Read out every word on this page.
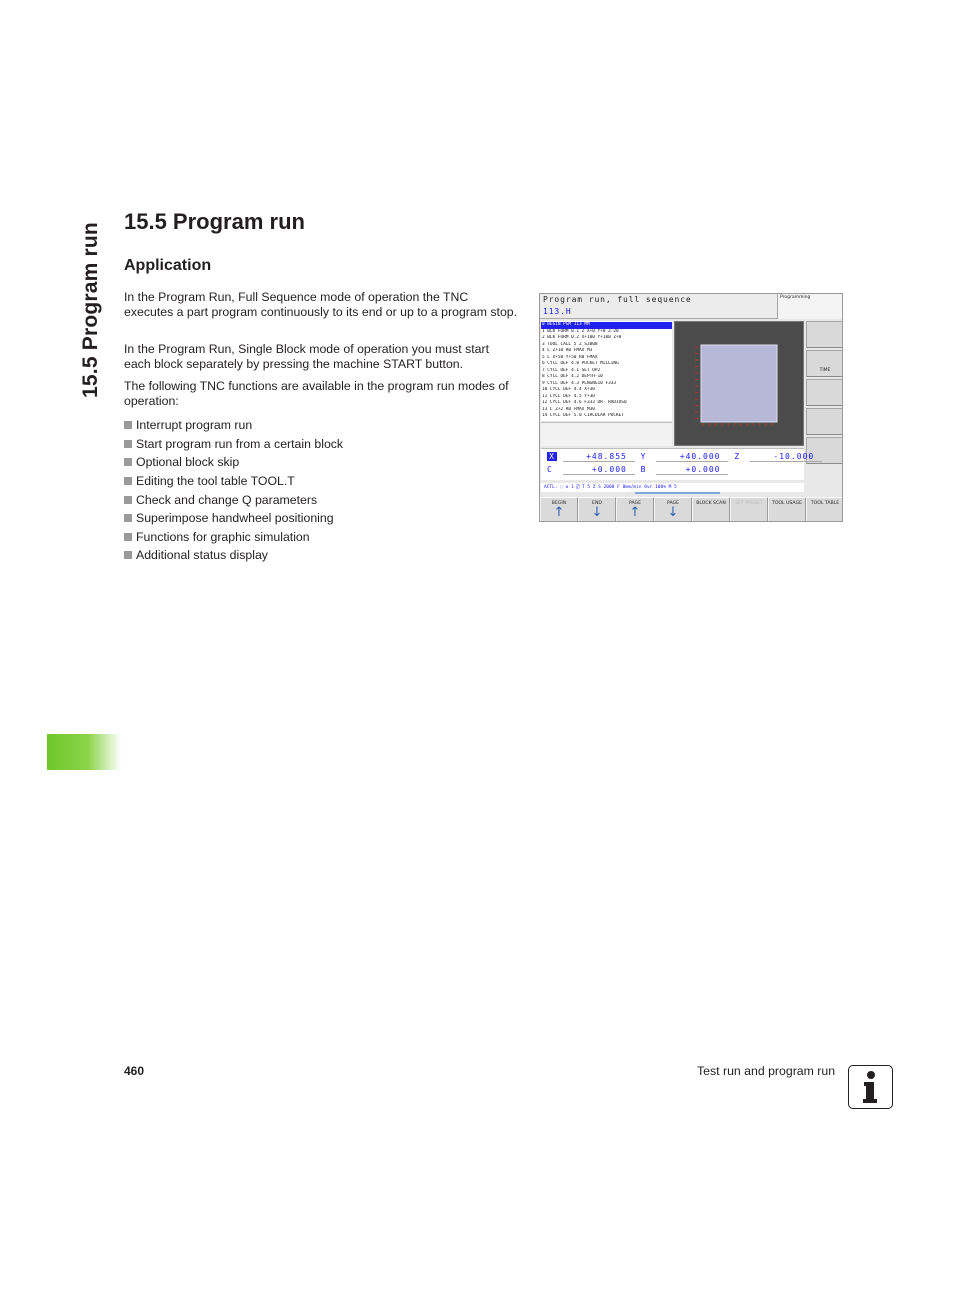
15.5 Program run
15.5 Program run
Application

In the Program Run, Full Sequence mode of operation the TNC executes a part program continuously to its end or up to a program stop.

In the Program Run, Single Block mode of operation you must start each block separately by pressing the machine START button.

The following TNC functions are available in the program run modes of operation:

Interrupt program run
Start program run from a certain block
Optional block skip
Editing the tool table TOOL.T
Check and change Q parameters
Superimpose handwheel positioning
Functions for graphic simulation
Additional status display
Program run, full sequence
113.H
Programming
0 BEGIN PGM 113 MM
1 BLK FORM 0.1 Z X+0 Y+0 Z-20
2 BLK FORM 0.2 X+100 Y+100 Z+0
3 TOOL CALL 5 Z S2000
4 L Z+10 R0 FMAX M3
5 L X+50 Y+50 R0 FMAX
6 CYCL DEF 4.0 POCKET MILLING
7 CYCL DEF 4.1 SET UP2
8 CYCL DEF 4.2 DEPTH-10
9 CYCL DEF 4.3 PLNGNG10 F333
10 CYCL DEF 4.4 X+30
11 CYCL DEF 4.5 Y+30
12 CYCL DEF 4.6 F333 DR- RADIUS0
13 L Z+2 R0 FMAX M30
14 CYCL DEF 5.0 CIRCULAR POCKET
TIME
X	+48.855 Y	+40.000 Z	-10.000
C	+0.000 B	+0.000
ACTL. ◌ ⊕ 1 ⍁ T 5 Z S 2000 F 0mm/min Ovr 100% M 5
BEGIN
↑
END
↓
PAGE
↑
PAGE
↓
BLOCK SCAN	SET PRESET	TOOL USAGE	TOOL TABLE
460	Test run and program run
